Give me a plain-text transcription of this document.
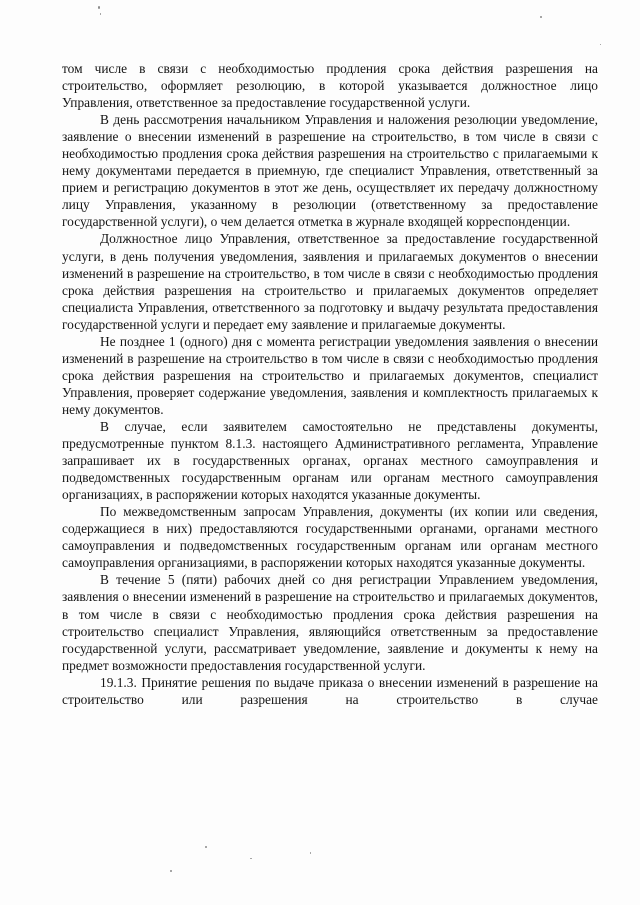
том числе в связи с необходимостью продления срока действия разрешения на строительство, оформляет резолюцию, в которой указывается должностное лицо Управления, ответственное за предоставление государственной услуги.

В день рассмотрения начальником Управления и наложения резолюции уведомление, заявление о внесении изменений в разрешение на строительство, в том числе в связи с необходимостью продления срока действия разрешения на строительство с прилагаемыми к нему документами передается в приемную, где специалист Управления, ответственный за прием и регистрацию документов в этот же день, осуществляет их передачу должностному лицу Управления, указанному в резолюции (ответственному за предоставление государственной услуги), о чем делается отметка в журнале входящей корреспонденции.

Должностное лицо Управления, ответственное за предоставление государственной услуги, в день получения уведомления, заявления и прилагаемых документов о внесении изменений в разрешение на строительство, в том числе в связи с необходимостью продления срока действия разрешения на строительство и прилагаемых документов определяет специалиста Управления, ответственного за подготовку и выдачу результата предоставления государственной услуги и передает ему заявление и прилагаемые документы.

Не позднее 1 (одного) дня с момента регистрации уведомления заявления о внесении изменений в разрешение на строительство в том числе в связи с необходимостью продления срока действия разрешения на строительство и прилагаемых документов, специалист Управления, проверяет содержание уведомления, заявления и комплектность прилагаемых к нему документов.

В случае, если заявителем самостоятельно не представлены документы, предусмотренные пунктом 8.1.3. настоящего Административного регламента, Управление запрашивает их в государственных органах, органах местного самоуправления и подведомственных государственным органам или органам местного самоуправления организациях, в распоряжении которых находятся указанные документы.

По межведомственным запросам Управления, документы (их копии или сведения, содержащиеся в них) предоставляются государственными органами, органами местного самоуправления и подведомственных государственным органам или органам местного самоуправления организациями, в распоряжении которых находятся указанные документы.

В течение 5 (пяти) рабочих дней со дня регистрации Управлением уведомления, заявления о внесении изменений в разрешение на строительство и прилагаемых документов, в том числе в связи с необходимостью продления срока действия разрешения на строительство специалист Управления, являющийся ответственным за предоставление государственной услуги, рассматривает уведомление, заявление и документы к нему на предмет возможности предоставления государственной услуги.

19.1.3. Принятие решения по выдаче приказа о внесении изменений в разрешение на строительство или разрешения на строительство в случае
